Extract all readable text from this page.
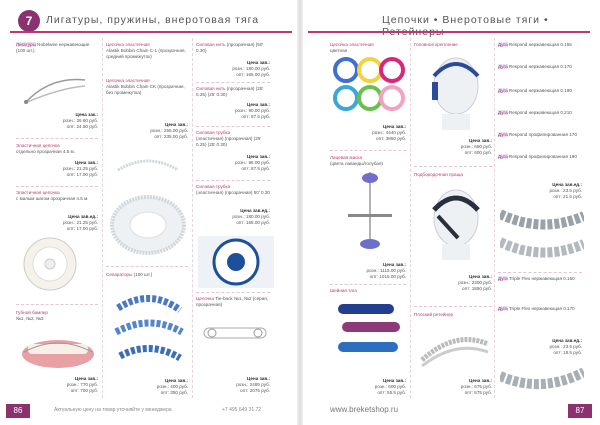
7	Лигатуры, пружины, внеротовая тяга	Цепочки • Внеротовые тяги •
Лигатуры Nobelwee нержавеющие (100 шт.)
Цена зак.:
розн.: 26.60 руб.
опт: 24.50 руб.
Эластичная цепочка
отдельно прозрачная 4.5 м.
Цена зав.:
розн.: 21.25 руб.
опт: 17.00 руб.
Эластичная цепочка
с малым шагом прозрачная 4.5 м.
Цена зав.ед.:
розн.: 21.25 руб.
опт: 17.00 руб.
Губной бампер
№1, №2, №3
Цена зав.:
розн.: 770 руб.
опт: 700 руб.
Цепочка эластичная
Alastik Bobbin Chain C-1 (прозрачная, средний промежуток)
Цепочка эластичная
Alastik Bobbin Chain CK (прозрачная, без промежутка)
Цена зав.:
розн.: 255.00 руб.
опт: 235.00 руб.
Сепараторы (100 шт.)
Цена зав.:
розн.: 400 руб.
опт: 350 руб.
Силовая нить (прозрачная) (50' 0.30)
Цена зав.:
розн.: 180.00 руб.
опт: 165.00 руб.
Силовая нить (прозрачная) (25' 0.25) (25' 0.30)
Цена зав.:
розн.: 90.00 руб.
опт: 87.5 руб.
Силовая трубка
(эластичная) (прозрачная) (25' 0.25) (25' 0.30)
Цена зав.:
розн.: 96.00 руб.
опт: 87.5 руб.
Силовая трубка
(эластичная) (прозрачная) 50' 0.30
Цена зав.ед.:
розн.: 180.00 руб.
опт: 165.00 руб.
Цепочка Tie-back №1, №2 (серая, прозрачная)
Цена зав.:
розн.: 2485 руб.
опт: 2075 руб.
86	Актуальную цену на товар уточняйте у менеджера	+7 495 649 31 72
Цепочка эластичная
цветная
Цена зав.:
розн.: 4440 руб.
опт: 3850 руб.
Лицевая маска
(цвета лаванды/голубая)
Цена зав.:
розн.: 1115.00 руб.
опт: 1015.00 руб.
Шейная тяга
Цена зав.:
розн.: 600 руб.
опт: 55.5 руб.
Головное крепление
Цена зав.:
розн.: 650 руб.
опт: 600 руб.
Подбородочная праща
Цена зав.:
розн.: 2300 руб.
опт: 1850 руб.
Плоский ретейнер
Цена зав.:
розн.: 675 руб.
опт: 575 руб.
Дуга Respond нержавеющая 0.155
Дуга Respond нержавеющая 0.170
Дуга Respond нержавеющая 0.190
Дуга Respond нержавеющая 0.210
Дуга Respond профилированная 170
Дуга Respond профилированная 190
Цена зав.ед.:
розн.: 23.5 руб.
опт: 21.5 руб.
Дуга Triple Flex нержавеющая 0.150
Дуга Triple Flex нержавеющая 0.170
Цена зав.ед.:
розн.: 23.5 руб.
опт: 18.5 руб.
www.breketshop.ru	87
